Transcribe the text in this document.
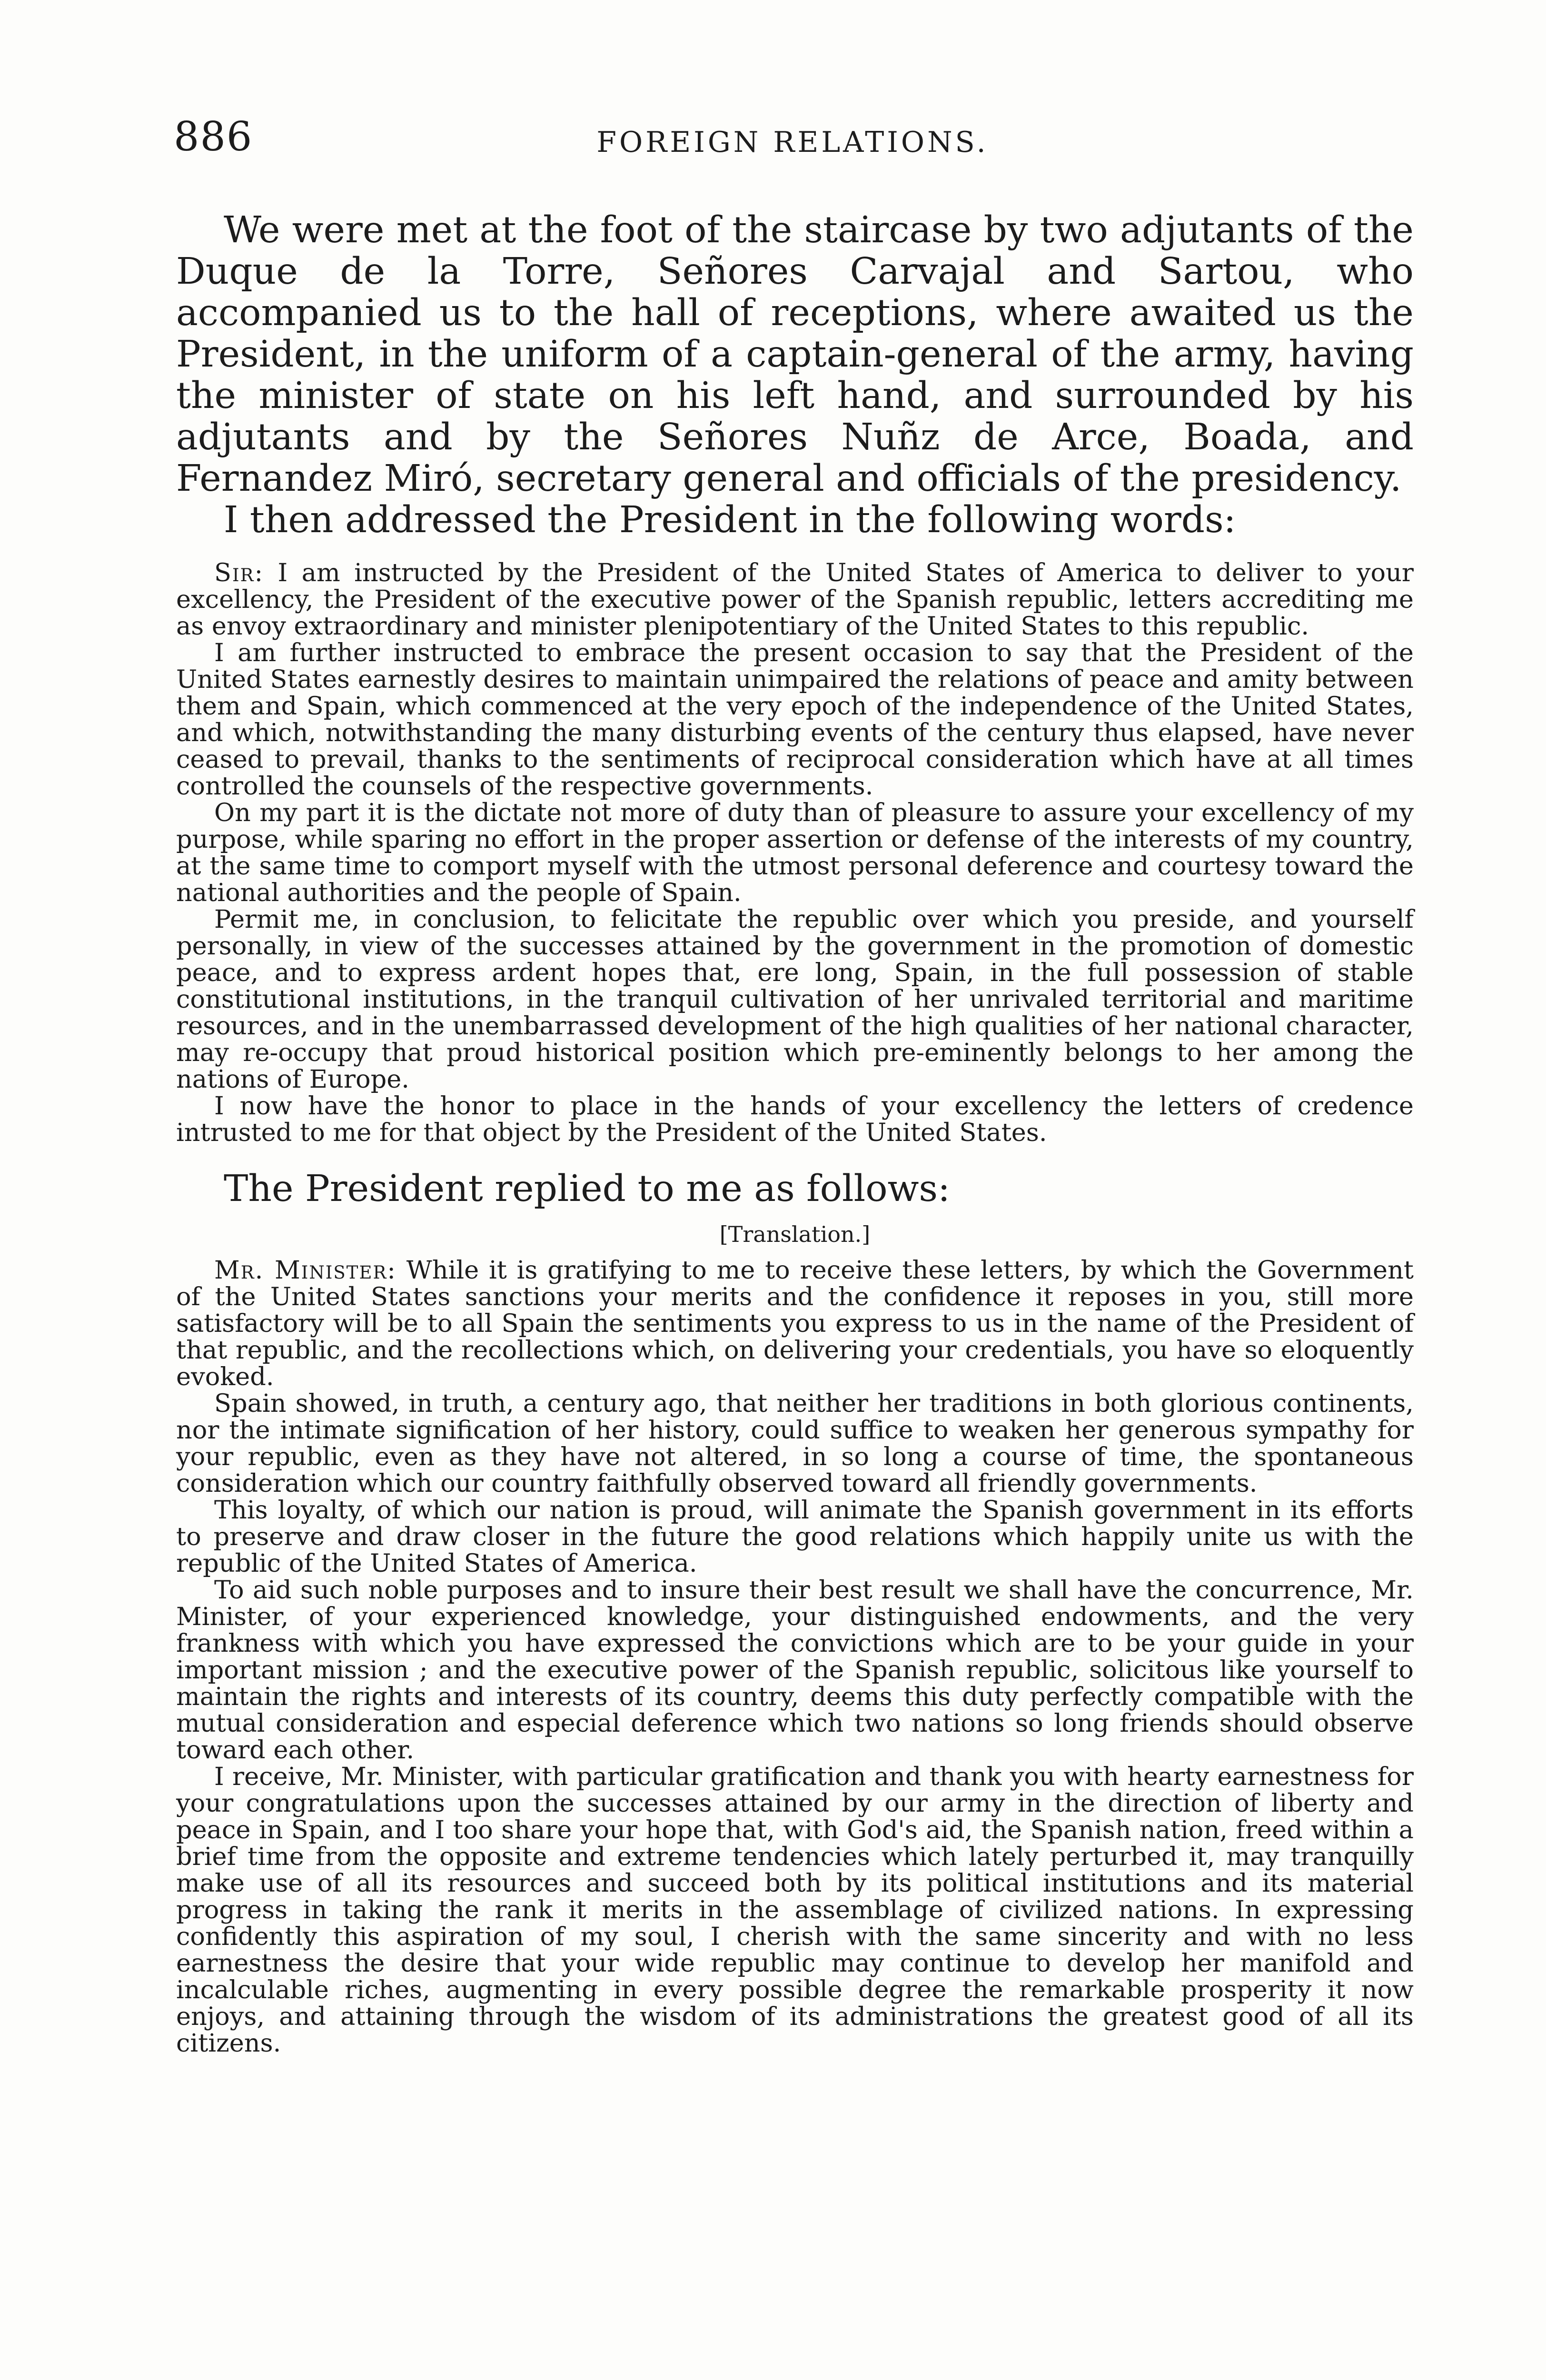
886	FOREIGN RELATIONS.

We were met at the foot of the staircase by two adjutants of the Duque de la Torre, Señores Carvajal and Sartou, who accompanied us to the hall of receptions, where awaited us the President, in the uniform of a captain-general of the army, having the minister of state on his left hand, and surrounded by his adjutants and by the Señores Nuñz de Arce, Boada, and Fernandez Miró, secretary general and officials of the presidency.

I then addressed the President in the following words:

Sir: I am instructed by the President of the United States of America to deliver to your excellency, the President of the executive power of the Spanish republic, letters accrediting me as envoy extraordinary and minister plenipotentiary of the United States to this republic.

I am further instructed to embrace the present occasion to say that the President of the United States earnestly desires to maintain unimpaired the relations of peace and amity between them and Spain, which commenced at the very epoch of the independence of the United States, and which, notwithstanding the many disturbing events of the century thus elapsed, have never ceased to prevail, thanks to the sentiments of reciprocal consideration which have at all times controlled the counsels of the respective governments.

On my part it is the dictate not more of duty than of pleasure to assure your excellency of my purpose, while sparing no effort in the proper assertion or defense of the interests of my country, at the same time to comport myself with the utmost personal deference and courtesy toward the national authorities and the people of Spain.

Permit me, in conclusion, to felicitate the republic over which you preside, and yourself personally, in view of the successes attained by the government in the promotion of domestic peace, and to express ardent hopes that, ere long, Spain, in the full possession of stable constitutional institutions, in the tranquil cultivation of her unrivaled territorial and maritime resources, and in the unembarrassed development of the high qualities of her national character, may re-occupy that proud historical position which pre-eminently belongs to her among the nations of Europe.

I now have the honor to place in the hands of your excellency the letters of credence intrusted to me for that object by the President of the United States.

The President replied to me as follows:

[Translation.]

Mr. Minister: While it is gratifying to me to receive these letters, by which the Government of the United States sanctions your merits and the confidence it reposes in you, still more satisfactory will be to all Spain the sentiments you express to us in the name of the President of that republic, and the recollections which, on delivering your credentials, you have so eloquently evoked.

Spain showed, in truth, a century ago, that neither her traditions in both glorious continents, nor the intimate signification of her history, could suffice to weaken her generous sympathy for your republic, even as they have not altered, in so long a course of time, the spontaneous consideration which our country faithfully observed toward all friendly governments.

This loyalty, of which our nation is proud, will animate the Spanish government in its efforts to preserve and draw closer in the future the good relations which happily unite us with the republic of the United States of America.

To aid such noble purposes and to insure their best result we shall have the concurrence, Mr. Minister, of your experienced knowledge, your distinguished endowments, and the very frankness with which you have expressed the convictions which are to be your guide in your important mission ; and the executive power of the Spanish republic, solicitous like yourself to maintain the rights and interests of its country, deems this duty perfectly compatible with the mutual consideration and especial deference which two nations so long friends should observe toward each other.

I receive, Mr. Minister, with particular gratification and thank you with hearty earnestness for your congratulations upon the successes attained by our army in the direction of liberty and peace in Spain, and I too share your hope that, with God's aid, the Spanish nation, freed within a brief time from the opposite and extreme tendencies which lately perturbed it, may tranquilly make use of all its resources and succeed both by its political institutions and its material progress in taking the rank it merits in the assemblage of civilized nations. In expressing confidently this aspiration of my soul, I cherish with the same sincerity and with no less earnestness the desire that your wide republic may continue to develop her manifold and incalculable riches, augmenting in every possible degree the remarkable prosperity it now enjoys, and attaining through the wisdom of its administrations the greatest good of all its citizens.
